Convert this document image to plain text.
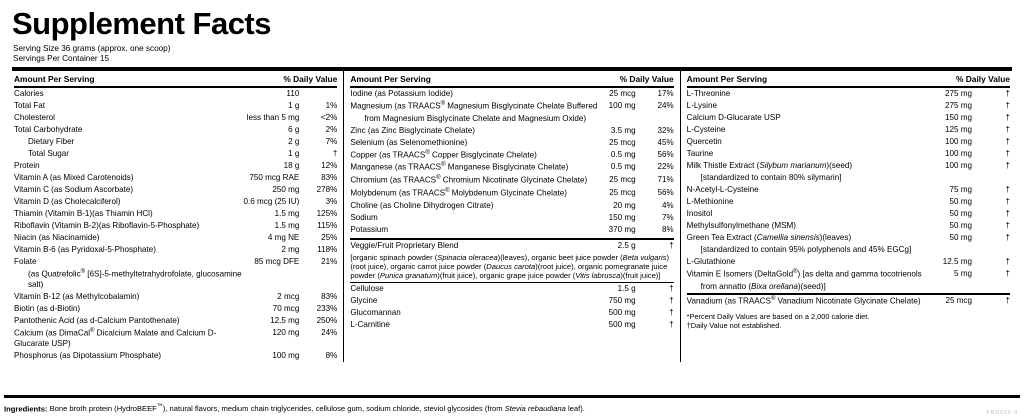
Supplement Facts
Serving Size 36 grams (approx. one scoop)
Servings Per Container 15
Amount Per Serving	% Daily Value
Calories	110	
Total Fat	1 g	1%
Cholesterol	less than 5 mg	<2%
Total Carbohydrate	6 g	2%
Dietary Fiber	2 g	7%
Total Sugar	1 g	†
Protein	18 g	12%
Vitamin A (as Mixed Carotenoids)	750 mcg RAE	83%
Vitamin C (as Sodium Ascorbate)	250 mg	278%
Vitamin D (as Cholecalciferol)	0.6 mcg (25 IU)	3%
Thiamin (Vitamin B-1)(as Thiamin HCl)	1.5 mg	125%
Riboflavin (Vitamin B-2)(as Riboflavin-5-Phosphate)	1.5 mg	115%
Niacin (as Niacinamide)	4 mg NE	25%
Vitamin B-6 (as Pyridoxal-5-Phosphate)	2 mg	118%
Folate	85 mcg DFE	21%
(as Quatrefolic® [6S]-5-methyltetrahydrofolate, glucosamine salt)		
Vitamin B-12 (as Methylcobalamin)	2 mcg	83%
Biotin (as d-Biotin)	70 mcg	233%
Pantothenic Acid (as d-Calcium Pantothenate)	12.5 mg	250%
Calcium (as DimaCal® Dicalcium Malate and Calcium D-Glucarate USP)	120 mg	24%
Phosphorus (as Dipotassium Phosphate)	100 mg	8%
Amount Per Serving	% Daily Value
Iodine (as Potassium Iodide)	25 mcg	17%
Magnesium (as TRAACS® Magnesium Bisglycinate Chelate Buffered	100 mg	24%
from Magnesium Bisglycinate Chelate and Magnesium Oxide)		
Zinc (as Zinc Bisglycinate Chelate)	3.5 mg	32%
Selenium (as Selenomethionine)	25 mcg	45%
Copper (as TRAACS® Copper Bisglycinate Chelate)	0.5 mg	56%
Manganese (as TRAACS® Manganese Bisglycinate Chelate)	0.5 mg	22%
Chromium (as TRAACS® Chromium Nicotinate Glycinate Chelate)	25 mcg	71%
Molybdenum (as TRAACS® Molybdenum Glycinate Chelate)	25 mcg	56%
Choline (as Choline Dihydrogen Citrate)	20 mg	4%
Sodium	150 mg	7%
Potassium	370 mg	8%
Veggie/Fruit Proprietary Blend	2.5 g	†
[organic spinach powder (Spinacia oleracea)(leaves), organic beet juice powder (Beta vulgaris)(root juice), organic carrot juice powder (Daucus carota)(root juice), organic pomegranate juice powder (Punica granatum)(fruit juice), organic grape juice powder (Vitis labrusca)(fruit juice)]
Cellulose	1.5 g	†
Glycine	750 mg	†
Glucomannan	500 mg	†
L-Carnitine	500 mg	†
Amount Per Serving	% Daily Value
L-Threonine	275 mg	†
L-Lysine	275 mg	†
Calcium D-Glucarate USP	150 mg	†
L-Cysteine	125 mg	†
Quercetin	100 mg	†
Taurine	100 mg	†
Milk Thistle Extract (Silybum marianum)(seed)	100 mg	†
[standardized to contain 80% silymarin]		
N-Acetyl-L-Cysteine	75 mg	†
L-Methionine	50 mg	†
Inositol	50 mg	†
Methylsulfonylmethane (MSM)	50 mg	†
Green Tea Extract (Camellia sinensis)(leaves)	50 mg	†
[standardized to contain 95% polyphenols and 45% EGCg]		
L-Glutathione	12.5 mg	†
Vitamin E Isomers (DeltaGold®) [as delta and gamma tocotrienols	5 mg	†
from annatto (Bixa orellana)(seed)]		
Vanadium (as TRAACS® Vanadium Nicotinate Glycinate Chelate)	25 mcg	†
*Percent Daily Values are based on a 2,000 calorie diet.
†Daily Value not established.
Ingredients: Bone broth protein (HydroBEEF™), natural flavors, medium chain triglycerides, cellulose gum, sodium chloride, steviol glycosides (from Stevia rebaudiana leaf).	PRO615-3
